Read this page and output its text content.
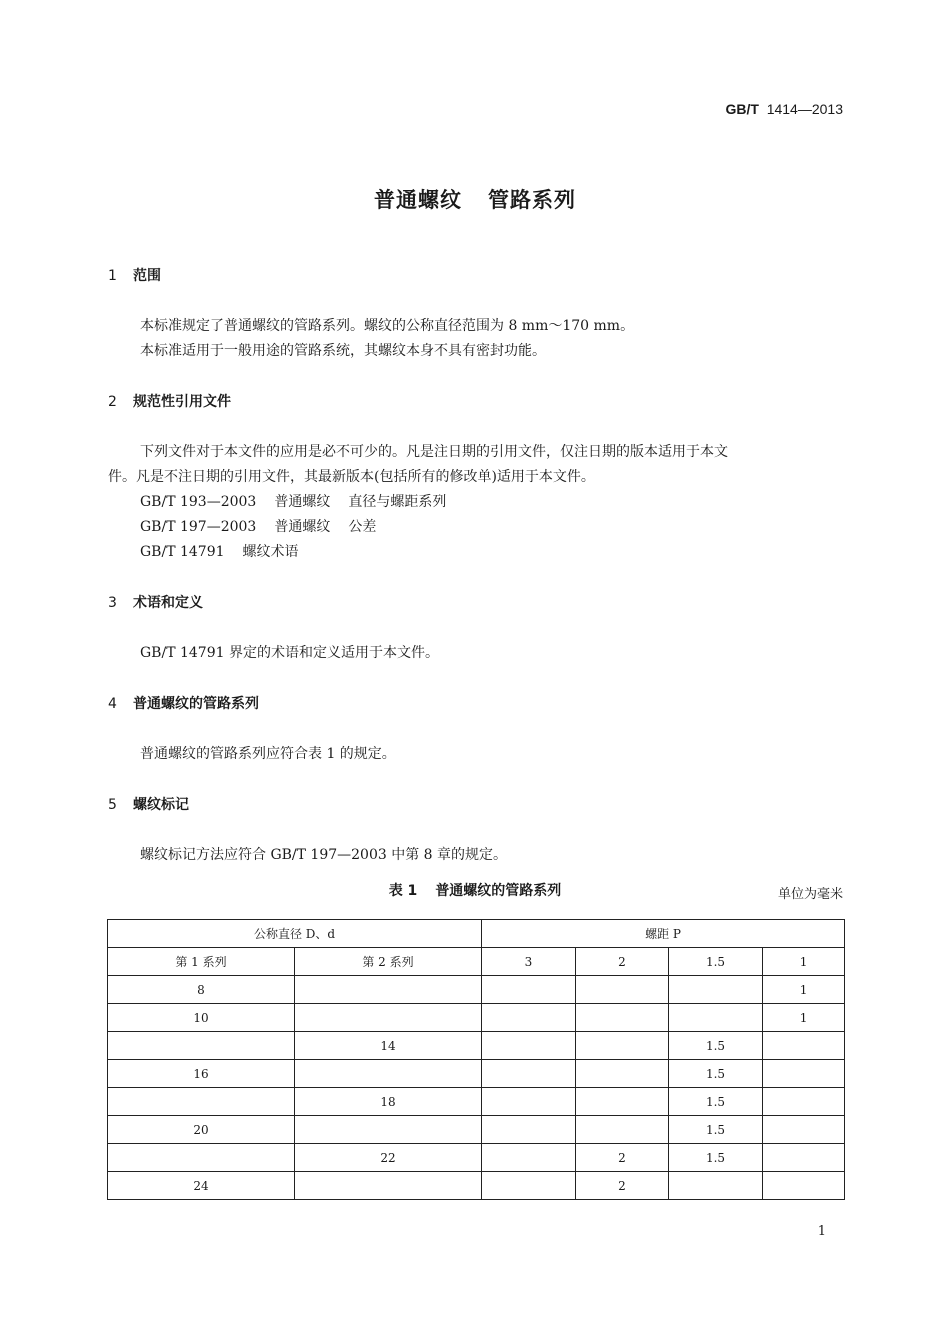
GB/T 1414—2013
普通螺纹 管路系列
1 范围
本标准规定了普通螺纹的管路系列。螺纹的公称直径范围为 8 mm～170 mm。
本标准适用于一般用途的管路系统，其螺纹本身不具有密封功能。
2 规范性引用文件
下列文件对于本文件的应用是必不可少的。凡是注日期的引用文件，仅注日期的版本适用于本文
件。凡是不注日期的引用文件，其最新版本(包括所有的修改单)适用于本文件。
GB/T 193—2003 普通螺纹 直径与螺距系列
GB/T 197—2003 普通螺纹 公差
GB/T 14791 螺纹术语
3 术语和定义
GB/T 14791 界定的术语和定义适用于本文件。
4 普通螺纹的管路系列
普通螺纹的管路系列应符合表 1 的规定。
5 螺纹标记
螺纹标记方法应符合 GB/T 197—2003 中第 8 章的规定。
表 1 普通螺纹的管路系列	单位为毫米
公称直径 D、d		螺距 P			
第 1 系列	第 2 系列	3	2	1.5	1
8					1
10					1
	14			1.5	
16				1.5	
	18			1.5	
20				1.5	
	22		2	1.5	
24			2		
1
